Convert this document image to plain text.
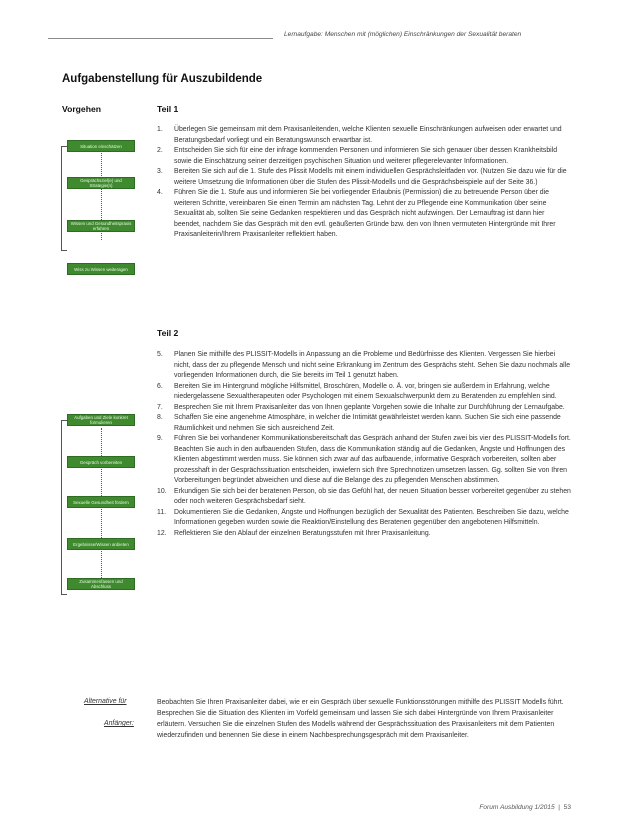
Lernaufgabe: Menschen mit (möglichen) Einschränkungen der Sexualität beraten
Aufgabenstellung für Auszubildende
Vorgehen	Teil 1
Situation einschätzen
Gesprächsziel(e) und Strategie(n)
Wissen und Gesundheitspraxis erfahren
Wiss zu Wissen weiteragen
1.	Überlegen Sie gemeinsam mit dem Praxisanleitenden, welche Klienten sexuelle Einschränkungen aufweisen oder erwartet und Beratungsbedarf vorliegt und ein Beratungswunsch erwartbar ist.
2.	Entscheiden Sie sich für eine der infrage kommenden Personen und informieren Sie sich genauer über dessen Krankheitsbild sowie die Einschätzung seiner derzeitigen psychischen Situation und weiterer pflegerelevanter Informationen.
3.	Bereiten Sie sich auf die 1. Stufe des Plissit Modells mit einem individuellen Gesprächsleitfaden vor. (Nutzen Sie dazu wie für die weitere Umsetzung die Informationen über die Stufen des Plissit-Modells und die Gesprächsbeispiele auf der Seite 36.)
4.	Führen Sie die 1. Stufe aus und informieren Sie bei vorliegender Erlaubnis (Permission) die zu betreuende Person über die weiteren Schritte, vereinbaren Sie einen Termin am nächsten Tag. Lehnt der zu Pflegende eine Kommunikation über seine Sexualität ab, sollten Sie seine Gedanken respektieren und das Gespräch nicht aufzwingen. Der Lernauftrag ist dann hier beendet, nachdem Sie das Gespräch mit den evtl. geäußerten Gründe bzw. den von Ihnen vermuteten Hintergründe mit Ihrer Praxisanleiterin/Ihrem Praxisanleiter reflektiert haben.
Teil 2
Aufgaben und Ziele konkret formulieren
Gespräch vorbereiten
Sexuelle Gesundheit fördern
Ergebnisse/Wissen anbieten
Zusammenfassen und Abschluss
5.	Planen Sie mithilfe des PLISSIT-Modells in Anpassung an die Probleme und Bedürfnisse des Klienten. Vergessen Sie hierbei nicht, dass der zu pflegende Mensch und nicht seine Erkrankung im Zentrum des Gesprächs steht. Sehen Sie dazu nochmals alle vorliegenden Informationen durch, die Sie bereits im Teil 1 genutzt haben.
6.	Bereiten Sie im Hintergrund mögliche Hilfsmittel, Broschüren, Modelle o. Ä. vor, bringen sie außerdem in Erfahrung, welche niedergelassene Sexualtherapeuten oder Psychologen mit einem Sexualschwerpunkt dem zu Beratenden zu empfehlen sind.
7.	Besprechen Sie mit Ihrem Praxisanleiter das von Ihnen geplante Vorgehen sowie die Inhalte zur Durchführung der Lernaufgabe.
8.	Schaffen Sie eine angenehme Atmosphäre, in welcher die Intimität gewährleistet werden kann. Suchen Sie sich eine passende Räumlichkeit und nehmen Sie sich ausreichend Zeit.
9.	Führen Sie bei vorhandener Kommunikationsbereitschaft das Gespräch anhand der Stufen zwei bis vier des PLISSIT-Modells fort. Beachten Sie auch in den aufbauenden Stufen, dass die Kommunikation ständig auf die Gedanken, Ängste und Hoffnungen des Klienten abgestimmt werden muss. Sie können sich zwar auf das aufbauende, informative Gespräch vorbereiten, sollten aber prozesshaft in der Gesprächssituation entscheiden, inwiefern sich Ihre Sprechnotizen umsetzen lassen. Gg. sollten Sie von Ihren Vorbereitungen begründet abweichen und diese auf die Belange des zu pflegenden Menschen abstimmen.
10.	Erkundigen Sie sich bei der beratenen Person, ob sie das Gefühl hat, der neuen Situation besser vorbereitet gegenüber zu stehen oder noch weiteren Gesprächsbedarf sieht.
11.	Dokumentieren Sie die Gedanken, Ängste und Hoffnungen bezüglich der Sexualität des Patienten. Beschreiben Sie dazu, welche Informationen gegeben wurden sowie die Reaktion/Einstellung des Beratenen gegenüber den angebotenen Hilfsmitteln.
12.	Reflektieren Sie den Ablauf der einzelnen Beratungsstufen mit Ihrer Praxisanleitung.
Alternative für
Anfänger:
Beobachten Sie Ihren Praxisanleiter dabei, wie er ein Gespräch über sexuelle Funktionsstörungen mithilfe des PLISSIT Modells führt. Besprechen Sie die Situation des Klienten im Vorfeld gemeinsam und lassen Sie sich dabei Hintergründe von Ihrem Praxisanleiter erläutern. Versuchen Sie die einzelnen Stufen des Modells während der Gesprächssituation des Praxisanleiters mit dem Patienten wiederzufinden und benennen Sie diese in einem Nachbesprechungsgespräch mit dem Praxisanleiter.
Forum Ausbildung 1/2015  |  53
